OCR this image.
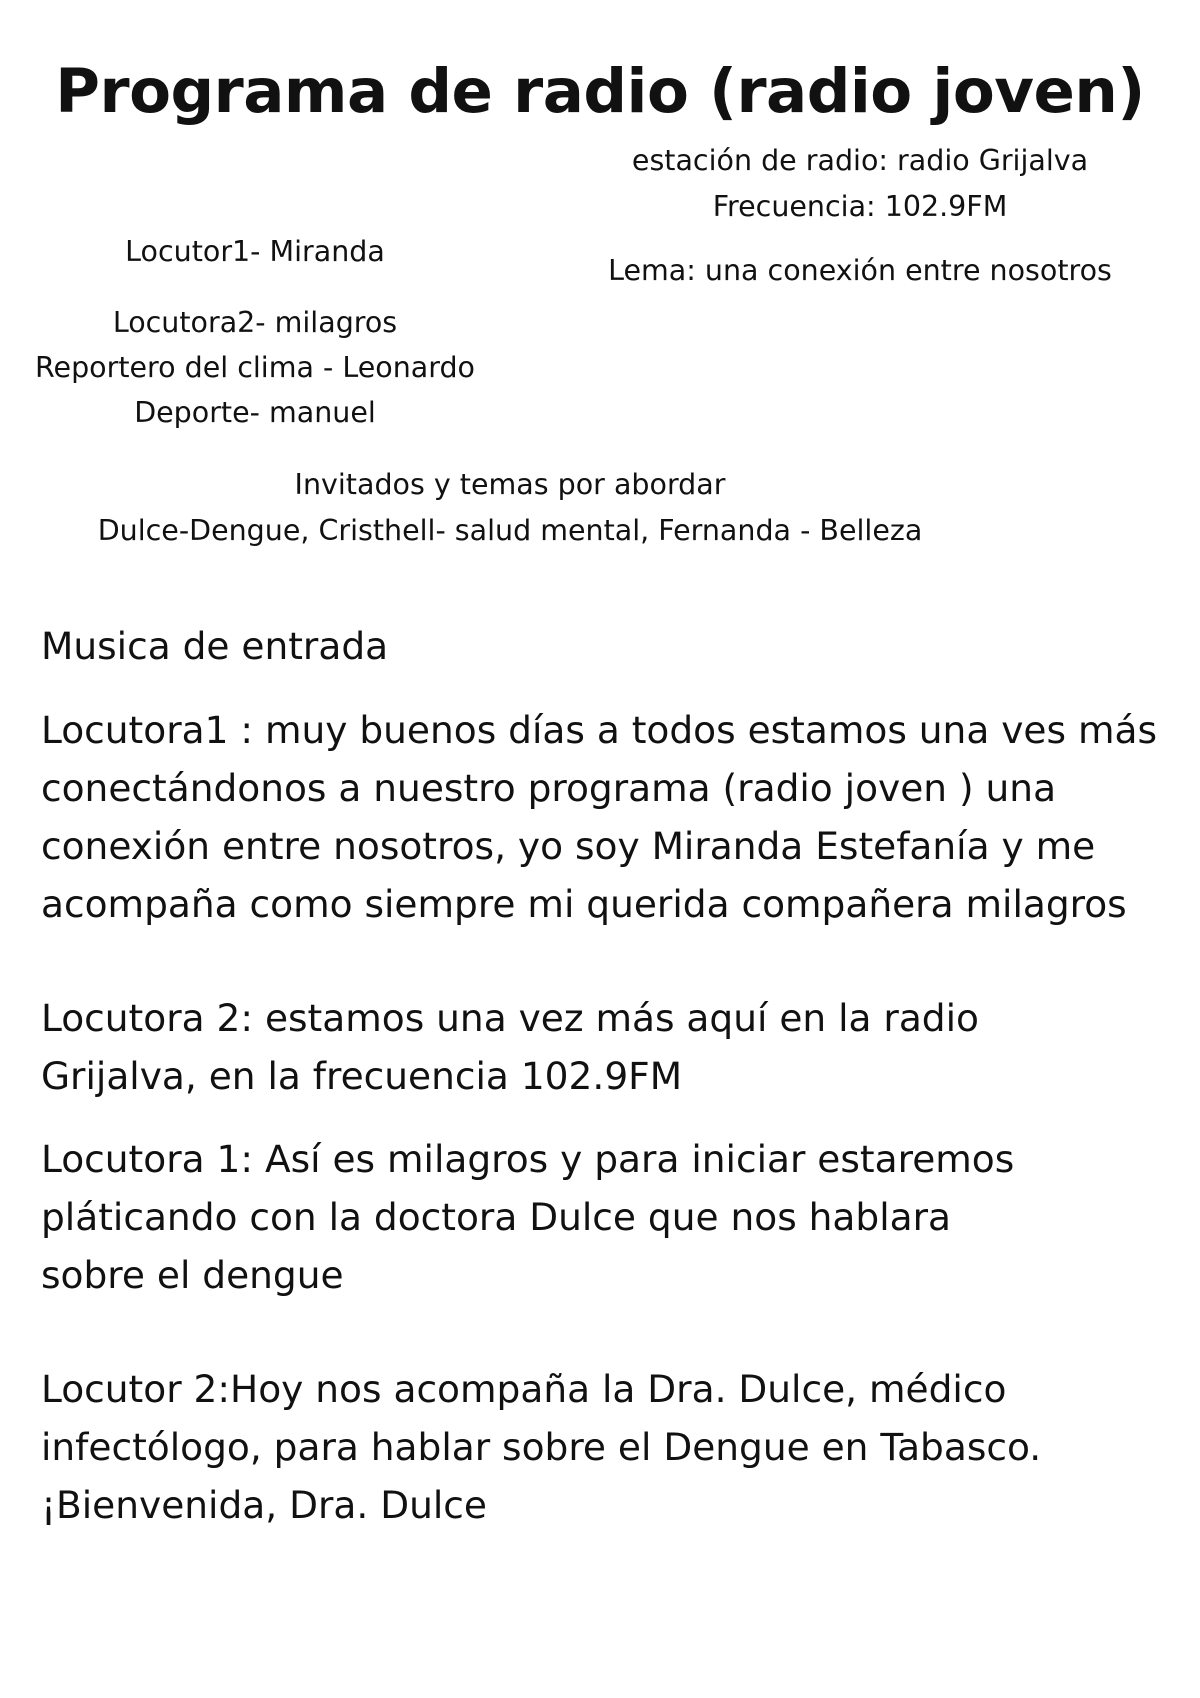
Programa de radio (radio joven)

estación de radio: radio Grijalva

Frecuencia: 102.9FM

Lema: una conexión entre nosotros

Locutor1- Miranda

Locutora2- milagros
Reportero del clima - Leonardo
Deporte- manuel
Invitados y temas por abordar
Dulce-Dengue, Cristhell- salud mental, Fernanda - Belleza

Musica de entrada

Locutora1 : muy buenos días a todos estamos una ves más
conectándonos a nuestro programa (radio joven ) una
conexión entre nosotros, yo soy Miranda Estefanía y me
acompaña como siempre mi querida compañera milagros

Locutora 2: estamos una vez más aquí en la radio
Grijalva, en la frecuencia 102.9FM

Locutora 1: Así es milagros y para iniciar estaremos
pláticando con la doctora Dulce que nos hablara
sobre el dengue

Locutor 2:Hoy nos acompaña la Dra. Dulce, médico
infectólogo, para hablar sobre el Dengue en Tabasco.
¡Bienvenida, Dra. Dulce
